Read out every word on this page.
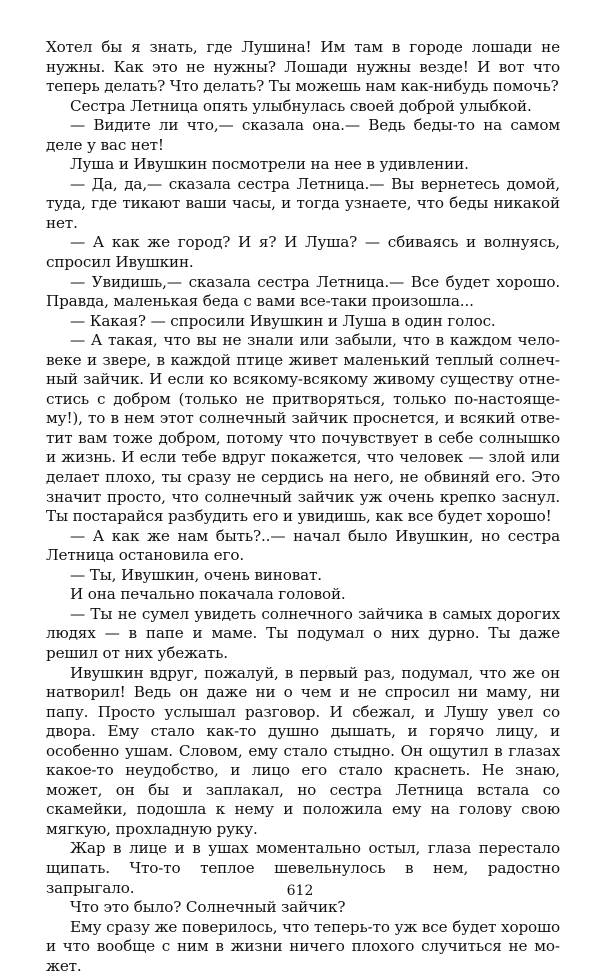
Хотел бы я знать, где Лушина! Им там в городе лошади не нужны. Как это не нужны? Лошади нужны везде! И вот что теперь делать? Что делать? Ты можешь нам как-нибудь помочь?

Сестра Летница опять улыбнулась своей доброй улыбкой.

— Видите ли что,— сказала она.— Ведь беды-то на самом деле у вас нет!

Луша и Ивушкин посмотрели на нее в удивлении.

— Да, да,— сказала сестра Летница.— Вы вернетесь домой, туда, где тикают ваши часы, и тогда узнаете, что беды никакой нет.

— А как же город? И я? И Луша? — сбиваясь и волнуясь, спросил Ивушкин.

— Увидишь,— сказала сестра Летница.— Все будет хорошо. Правда, маленькая беда с вами все-таки произошла...

— Какая? — спросили Ивушкин и Луша в один голос.

— А такая, что вы не знали или забыли, что в каждом человеке и звере, в каждой птице живет маленький теплый солнечный зайчик. И если ко всякому-всякому живому существу отнестись с добром (только не притворяться, только по-настоящему!), то в нем этот солнечный зайчик проснется, и всякий ответит вам тоже добром, потому что почувствует в себе солнышко и жизнь. И если тебе вдруг покажется, что человек — злой или делает плохо, ты сразу не сердись на него, не обвиняй его. Это значит просто, что солнечный зайчик уж очень крепко заснул. Ты постарайся разбудить его и увидишь, как все будет хорошо!

— А как же нам быть?..— начал было Ивушкин, но сестра Летница остановила его.

— Ты, Ивушкин, очень виноват.

И она печально покачала головой.

— Ты не сумел увидеть солнечного зайчика в самых дорогих людях — в папе и маме. Ты подумал о них дурно. Ты даже решил от них убежать.

Ивушкин вдруг, пожалуй, в первый раз, подумал, что же он натворил! Ведь он даже ни о чем и не спросил ни маму, ни папу. Просто услышал разговор. И сбежал, и Лушу увел со двора. Ему стало как-то душно дышать, и горячо лицу, и особенно ушам. Словом, ему стало стыдно. Он ощутил в глазах какое-то неудобство, и лицо его стало краснеть. Не знаю, может, он бы и заплакал, но сестра Летница встала со скамейки, подошла к нему и положила ему на голову свою мягкую, прохладную руку.

Жар в лице и в ушах моментально остыл, глаза перестало щипать. Что-то теплое шевельнулось в нем, радостно запрыгало.

Что это было? Солнечный зайчик?

Ему сразу же поверилось, что теперь-то уж все будет хорошо и что вообще с ним в жизни ничего плохого случиться не может.

612
